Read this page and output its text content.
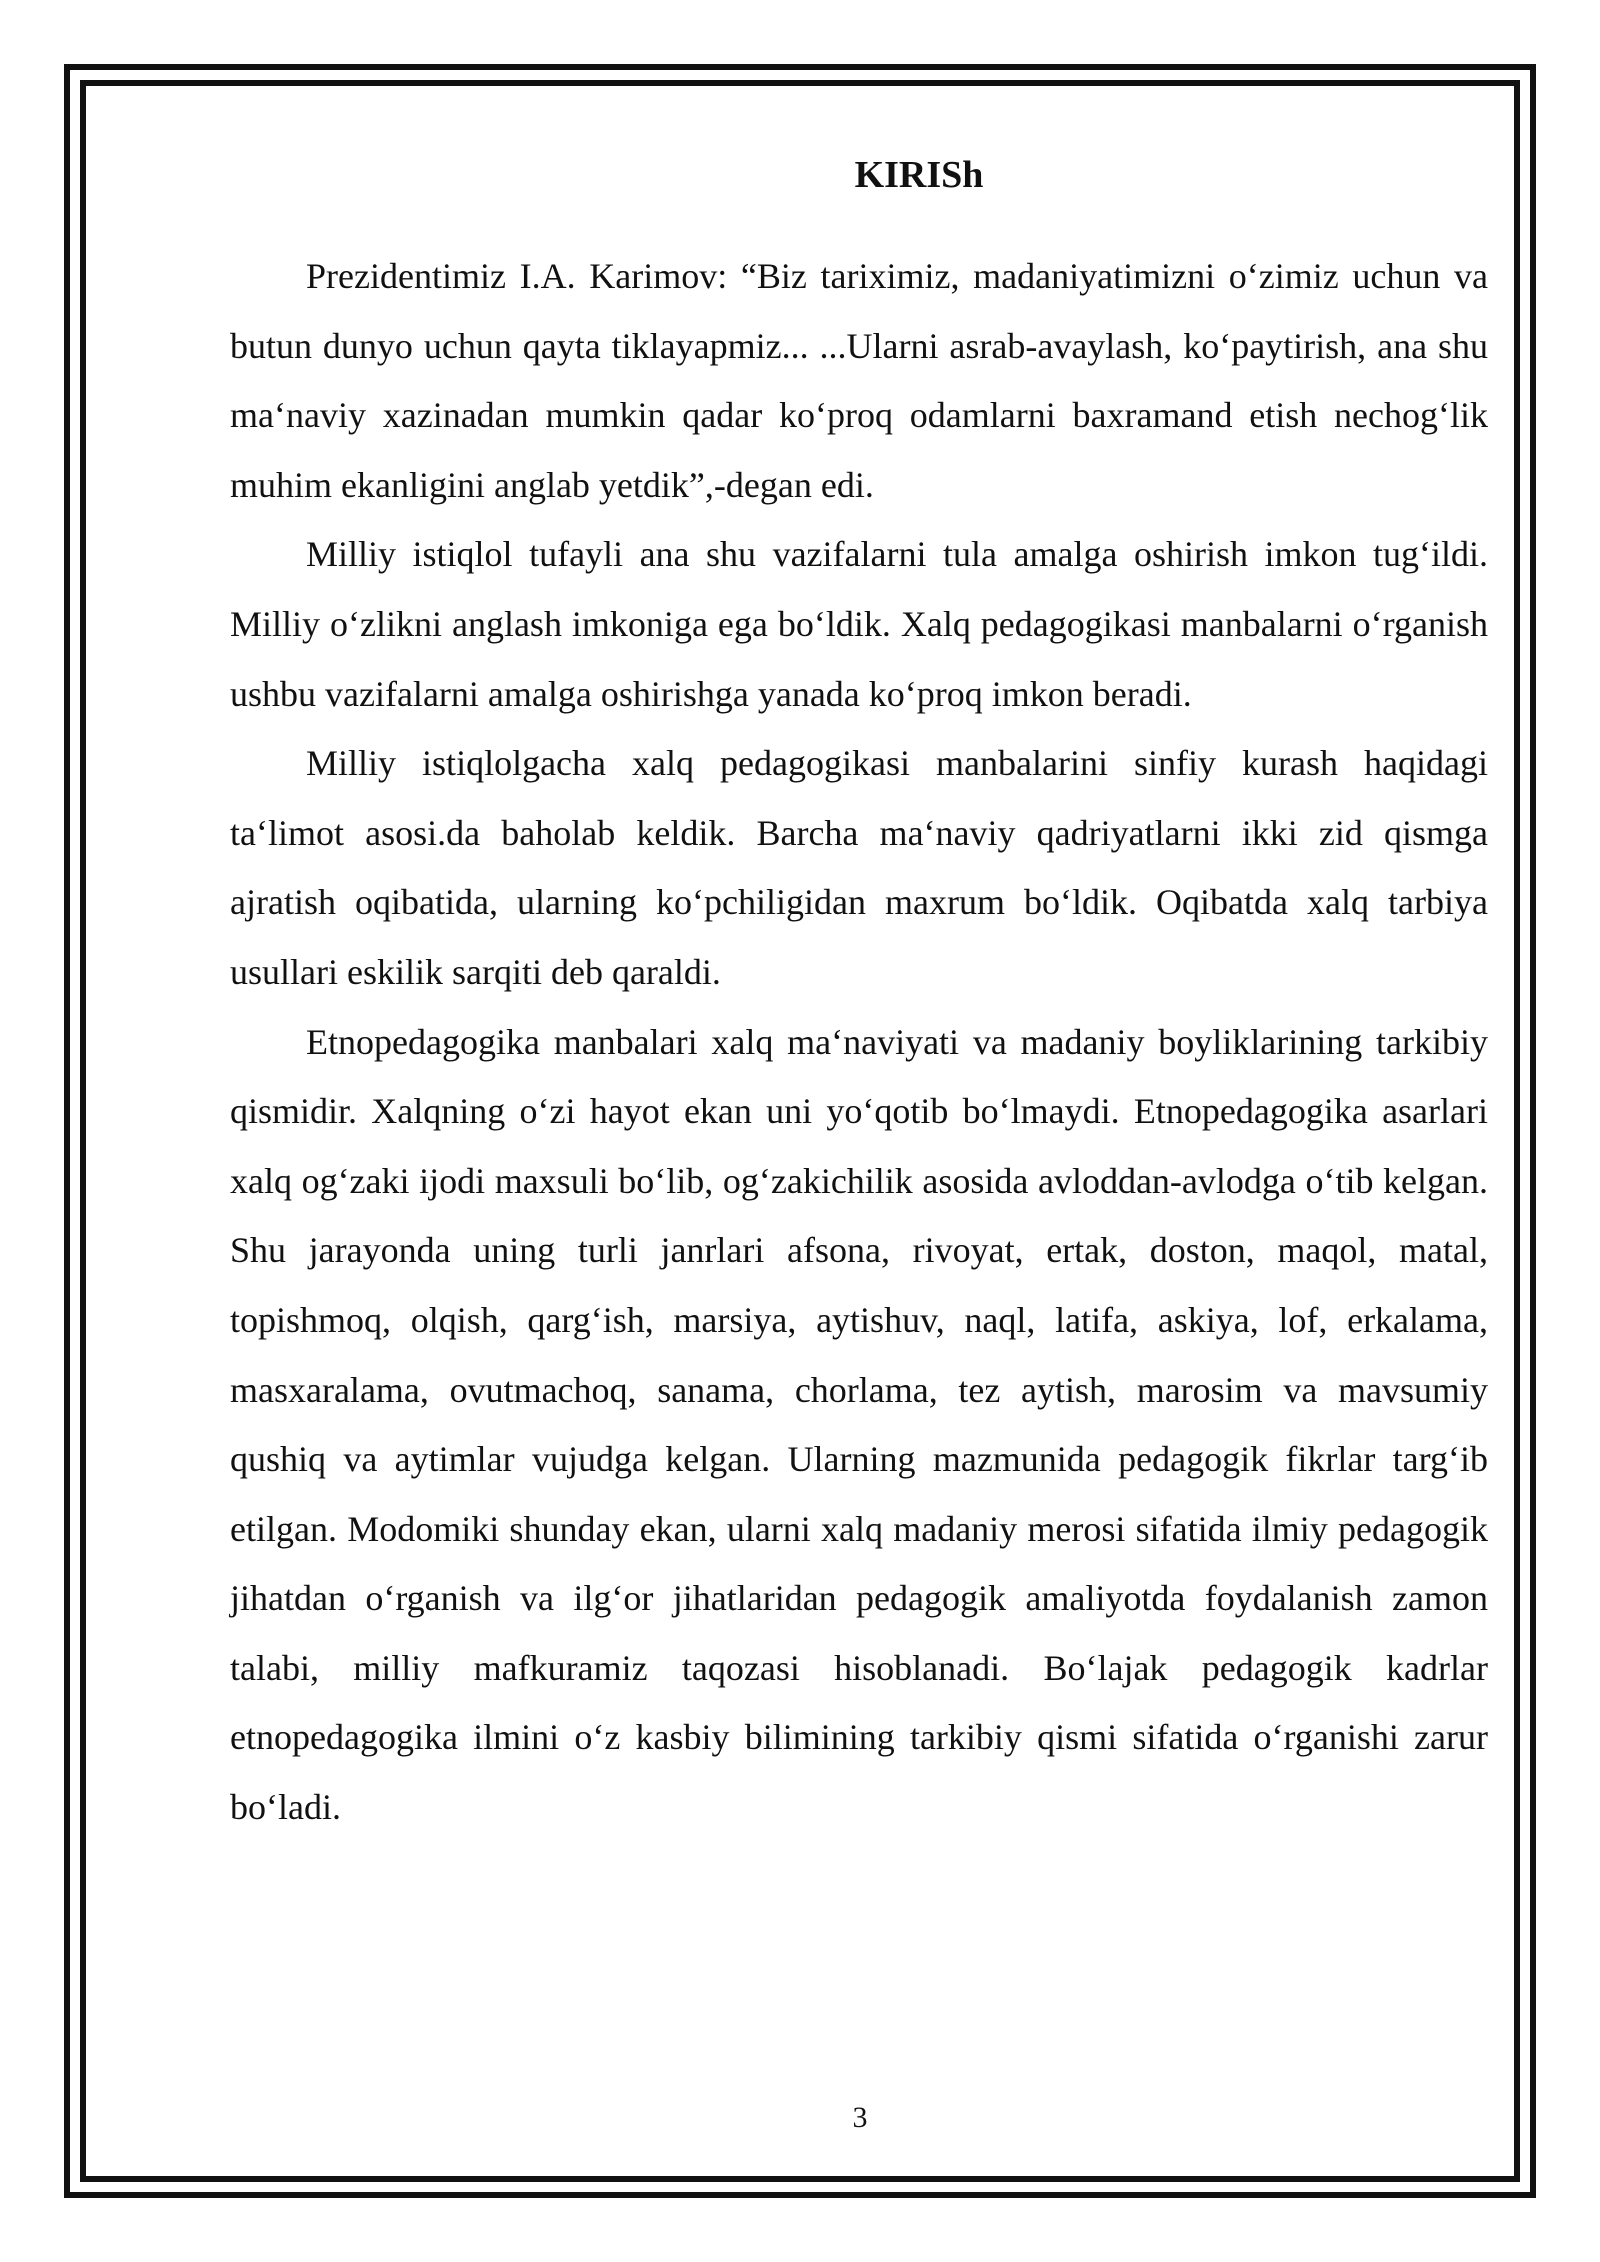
KIRISh

Prezidentimiz I.A. Karimov: “Biz tariximiz, madaniyatimizni o‘zimiz uchun va butun dunyo uchun qayta tiklayapmiz... ...Ularni asrab-avaylash, ko‘paytirish, ana shu ma‘naviy xazinadan mumkin qadar ko‘proq odamlarni baxramand etish nechog‘lik muhim ekanligini anglab yetdik”,-degan edi.

Milliy istiqlol tufayli ana shu vazifalarni tula amalga oshirish imkon tug‘ildi. Milliy o‘zlikni anglash imkoniga ega bo‘ldik. Xalq pedagogikasi manbalarni o‘rganish ushbu vazifalarni amalga oshirishga yanada ko‘proq imkon beradi.

Milliy istiqlolgacha xalq pedagogikasi manbalarini sinfiy kurash haqidagi ta‘limot asosi.da baholab keldik. Barcha ma‘naviy qadriyatlarni ikki zid qismga ajratish oqibatida, ularning ko‘pchiligidan maxrum bo‘ldik. Oqibatda xalq tarbiya usullari eskilik sarqiti deb qaraldi.

Etnopedagogika manbalari xalq ma‘naviyati va madaniy boyliklarining tarkibiy qismidir. Xalqning o‘zi hayot ekan uni yo‘qotib bo‘lmaydi. Etnopedagogika asarlari xalq og‘zaki ijodi maxsuli bo‘lib, og‘zakichilik asosida avloddan-avlodga o‘tib kelgan. Shu jarayonda uning turli janrlari afsona, rivoyat, ertak, doston, maqol, matal, topishmoq, olqish, qarg‘ish, marsiya, aytishuv, naql, latifa, askiya, lof, erkalama, masxaralama, ovutmachoq, sanama, chorlama, tez aytish, marosim va mavsumiy qushiq va aytimlar vujudga kelgan. Ularning mazmunida pedagogik fikrlar targ‘ib etilgan. Modomiki shunday ekan, ularni xalq madaniy merosi sifatida ilmiy pedagogik jihatdan o‘rganish va ilg‘or jihatlaridan pedagogik amaliyotda foydalanish zamon talabi, milliy mafkuramiz taqozasi hisoblanadi. Bo‘lajak pedagogik kadrlar etnopedagogika ilmini o‘z kasbiy bilimining tarkibiy qismi sifatida o‘rganishi zarur bo‘ladi.

3
